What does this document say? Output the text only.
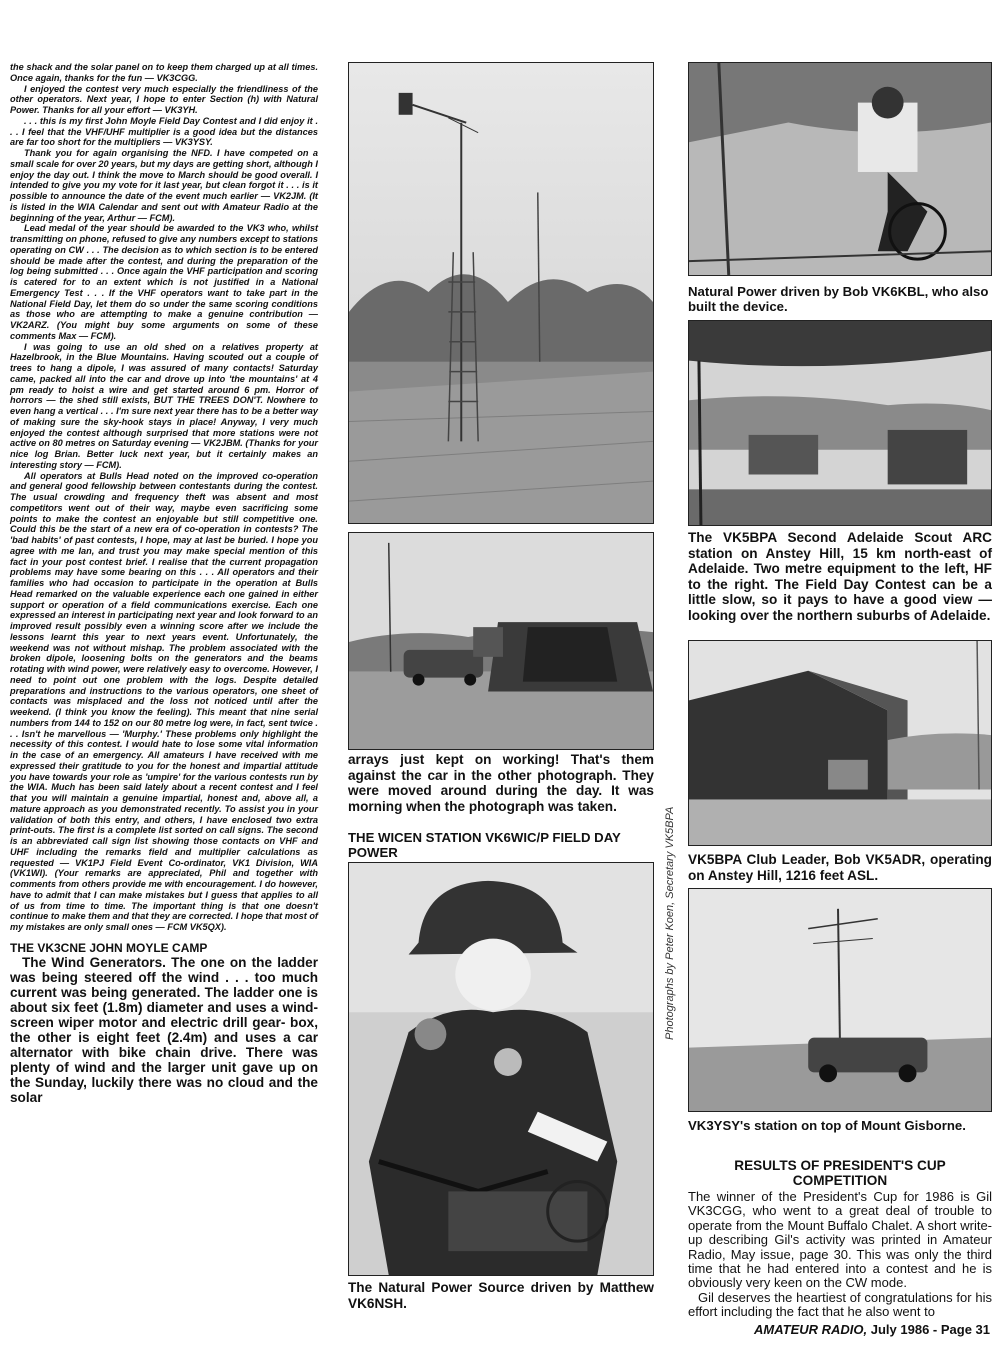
the shack and the solar panel on to keep them charged up at all times. Once again, thanks for the fun — VK3CGG.

I enjoyed the contest very much especially the friendliness of the other operators. Next year, I hope to enter Section (h) with Natural Power. Thanks for all your effort — VK3YH.

. . . this is my first John Moyle Field Day Contest and I did enjoy it . . . I feel that the VHF/UHF multiplier is a good idea but the distances are far too short for the multipliers — VK3YSY.

Thank you for again organising the NFD. I have competed on a small scale for over 20 years, but my days are getting short, although I enjoy the day out. I think the move to March should be good overall. I intended to give you my vote for it last year, but clean forgot it . . . is it possible to announce the date of the event much earlier — VK2JM. (It is listed in the WIA Calendar and sent out with Amateur Radio at the beginning of the year, Arthur — FCM).

Lead medal of the year should be awarded to the VK3 who, whilst transmitting on phone, refused to give any numbers except to stations operating on CW . . . The decision as to which section is to be entered should be made after the contest, and during the preparation of the log being submitted . . . Once again the VHF participation and scoring is catered for to an extent which is not justified in a National Emergency Test . . . If the VHF operators want to take part in the National Field Day, let them do so under the same scoring conditions as those who are attempting to make a genuine contribution — VK2ARZ. (You might buy some arguments on some of these comments Max — FCM).

I was going to use an old shed on a relatives property at Hazelbrook, in the Blue Mountains. Having scouted out a couple of trees to hang a dipole, I was assured of many contacts! Saturday came, packed all into the car and drove up into 'the mountains' at 4 pm ready to hoist a wire and get started around 6 pm. Horror of horrors — the shed still exists, BUT THE TREES DON'T. Nowhere to even hang a vertical . . . I'm sure next year there has to be a better way of making sure the sky-hook stays in place! Anyway, I very much enjoyed the contest although surprised that more stations were not active on 80 metres on Saturday evening — VK2JBM. (Thanks for your nice log Brian. Better luck next year, but it certainly makes an interesting story — FCM).

All operators at Bulls Head noted on the improved co-operation and general good fellowship between contestants during the contest. The usual crowding and frequency theft was absent and most competitors went out of their way, maybe even sacrificing some points to make the contest an enjoyable but still competitive one. Could this be the start of a new era of co-operation in contests? The 'bad habits' of past contests, I hope, may at last be buried. I hope you agree with me Ian, and trust you may make special mention of this fact in your post contest brief. I realise that the current propagation problems may have some bearing on this . . . All operators and their families who had occasion to participate in the operation at Bulls Head remarked on the valuable experience each one gained in either support or operation of a field communications exercise. Each one expressed an interest in participating next year and look forward to an improved result possibly even a winning score after we include the lessons learnt this year to next years event. Unfortunately, the weekend was not without mishap. The problem associated with the broken dipole, loosening bolts on the generators and the beams rotating with wind power, were relatively easy to overcome. However, I need to point out one problem with the logs. Despite detailed preparations and instructions to the various operators, one sheet of contacts was misplaced and the loss not noticed until after the weekend. (I think you know the feeling). This meant that nine serial numbers from 144 to 152 on our 80 metre log were, in fact, sent twice . . . Isn't he marvellous — 'Murphy.' These problems only highlight the necessity of this contest. I would hate to lose some vital information in the case of an emergency. All amateurs I have received with me expressed their gratitude to you for the honest and impartial attitude you have towards your role as 'umpire' for the various contests run by the WIA. Much has been said lately about a recent contest and I feel that you will maintain a genuine impartial, honest and, above all, a mature approach as you demonstrated recently. To assist you in your validation of both this entry, and others, I have enclosed two extra print-outs. The first is a complete list sorted on call signs. The second is an abbreviated call sign list showing those contacts on VHF and UHF including the remarks field and multiplier calculations as requested — VK1PJ Field Event Co-ordinator, VK1 Division, WIA (VK1WI). (Your remarks are appreciated, Phil and together with comments from others provide me with encouragement. I do however, have to admit that I can make mistakes but I guess that applies to all of us from time to time. The important thing is that one doesn't continue to make them and that they are corrected. I hope that most of my mistakes are only small ones — FCM VK5QX).

THE VK3CNE JOHN MOYLE CAMP

The Wind Generators. The one on the ladder was being steered off the wind . . . too much current was being generated. The ladder one is about six feet (1.8m) diameter and uses a wind-screen wiper motor and electric drill gear- box, the other is eight feet (2.4m) and uses a car alternator with bike chain drive. There was plenty of wind and the larger unit gave up on the Sunday, luckily there was no cloud and the solar

arrays just kept on working! That's them against the car in the other photograph. They were moved around during the day. It was morning when the photograph was taken.
THE WICEN STATION VK6WIC/P FIELD DAY POWER
The Natural Power Source driven by Matthew VK6NSH.
Natural Power driven by Bob VK6KBL, who also built the device.
The VK5BPA Second Adelaide Scout ARC station on Anstey Hill, 15 km north-east of Adelaide. Two metre equipment to the left, HF to the right. The Field Day Contest can be a little slow, so it pays to have a good view — looking over the northern suburbs of Adelaide.
VK5BPA Club Leader, Bob VK5ADR, operating on Anstey Hill, 1216 feet ASL.
VK3YSY's station on top of Mount Gisborne.
Photographs by Peter Koen, Secretary VK5BPA
RESULTS OF PRESIDENT'S CUP COMPETITION

The winner of the President's Cup for 1986 is Gil VK3CGG, who went to a great deal of trouble to operate from the Mount Buffalo Chalet. A short write-up describing Gil's activity was printed in Amateur Radio, May issue, page 30. This was only the third time that he had entered into a contest and he is obviously very keen on the CW mode.

Gil deserves the heartiest of congratulations for his effort including the fact that he also went to

AMATEUR RADIO, July 1986 - Page 31
